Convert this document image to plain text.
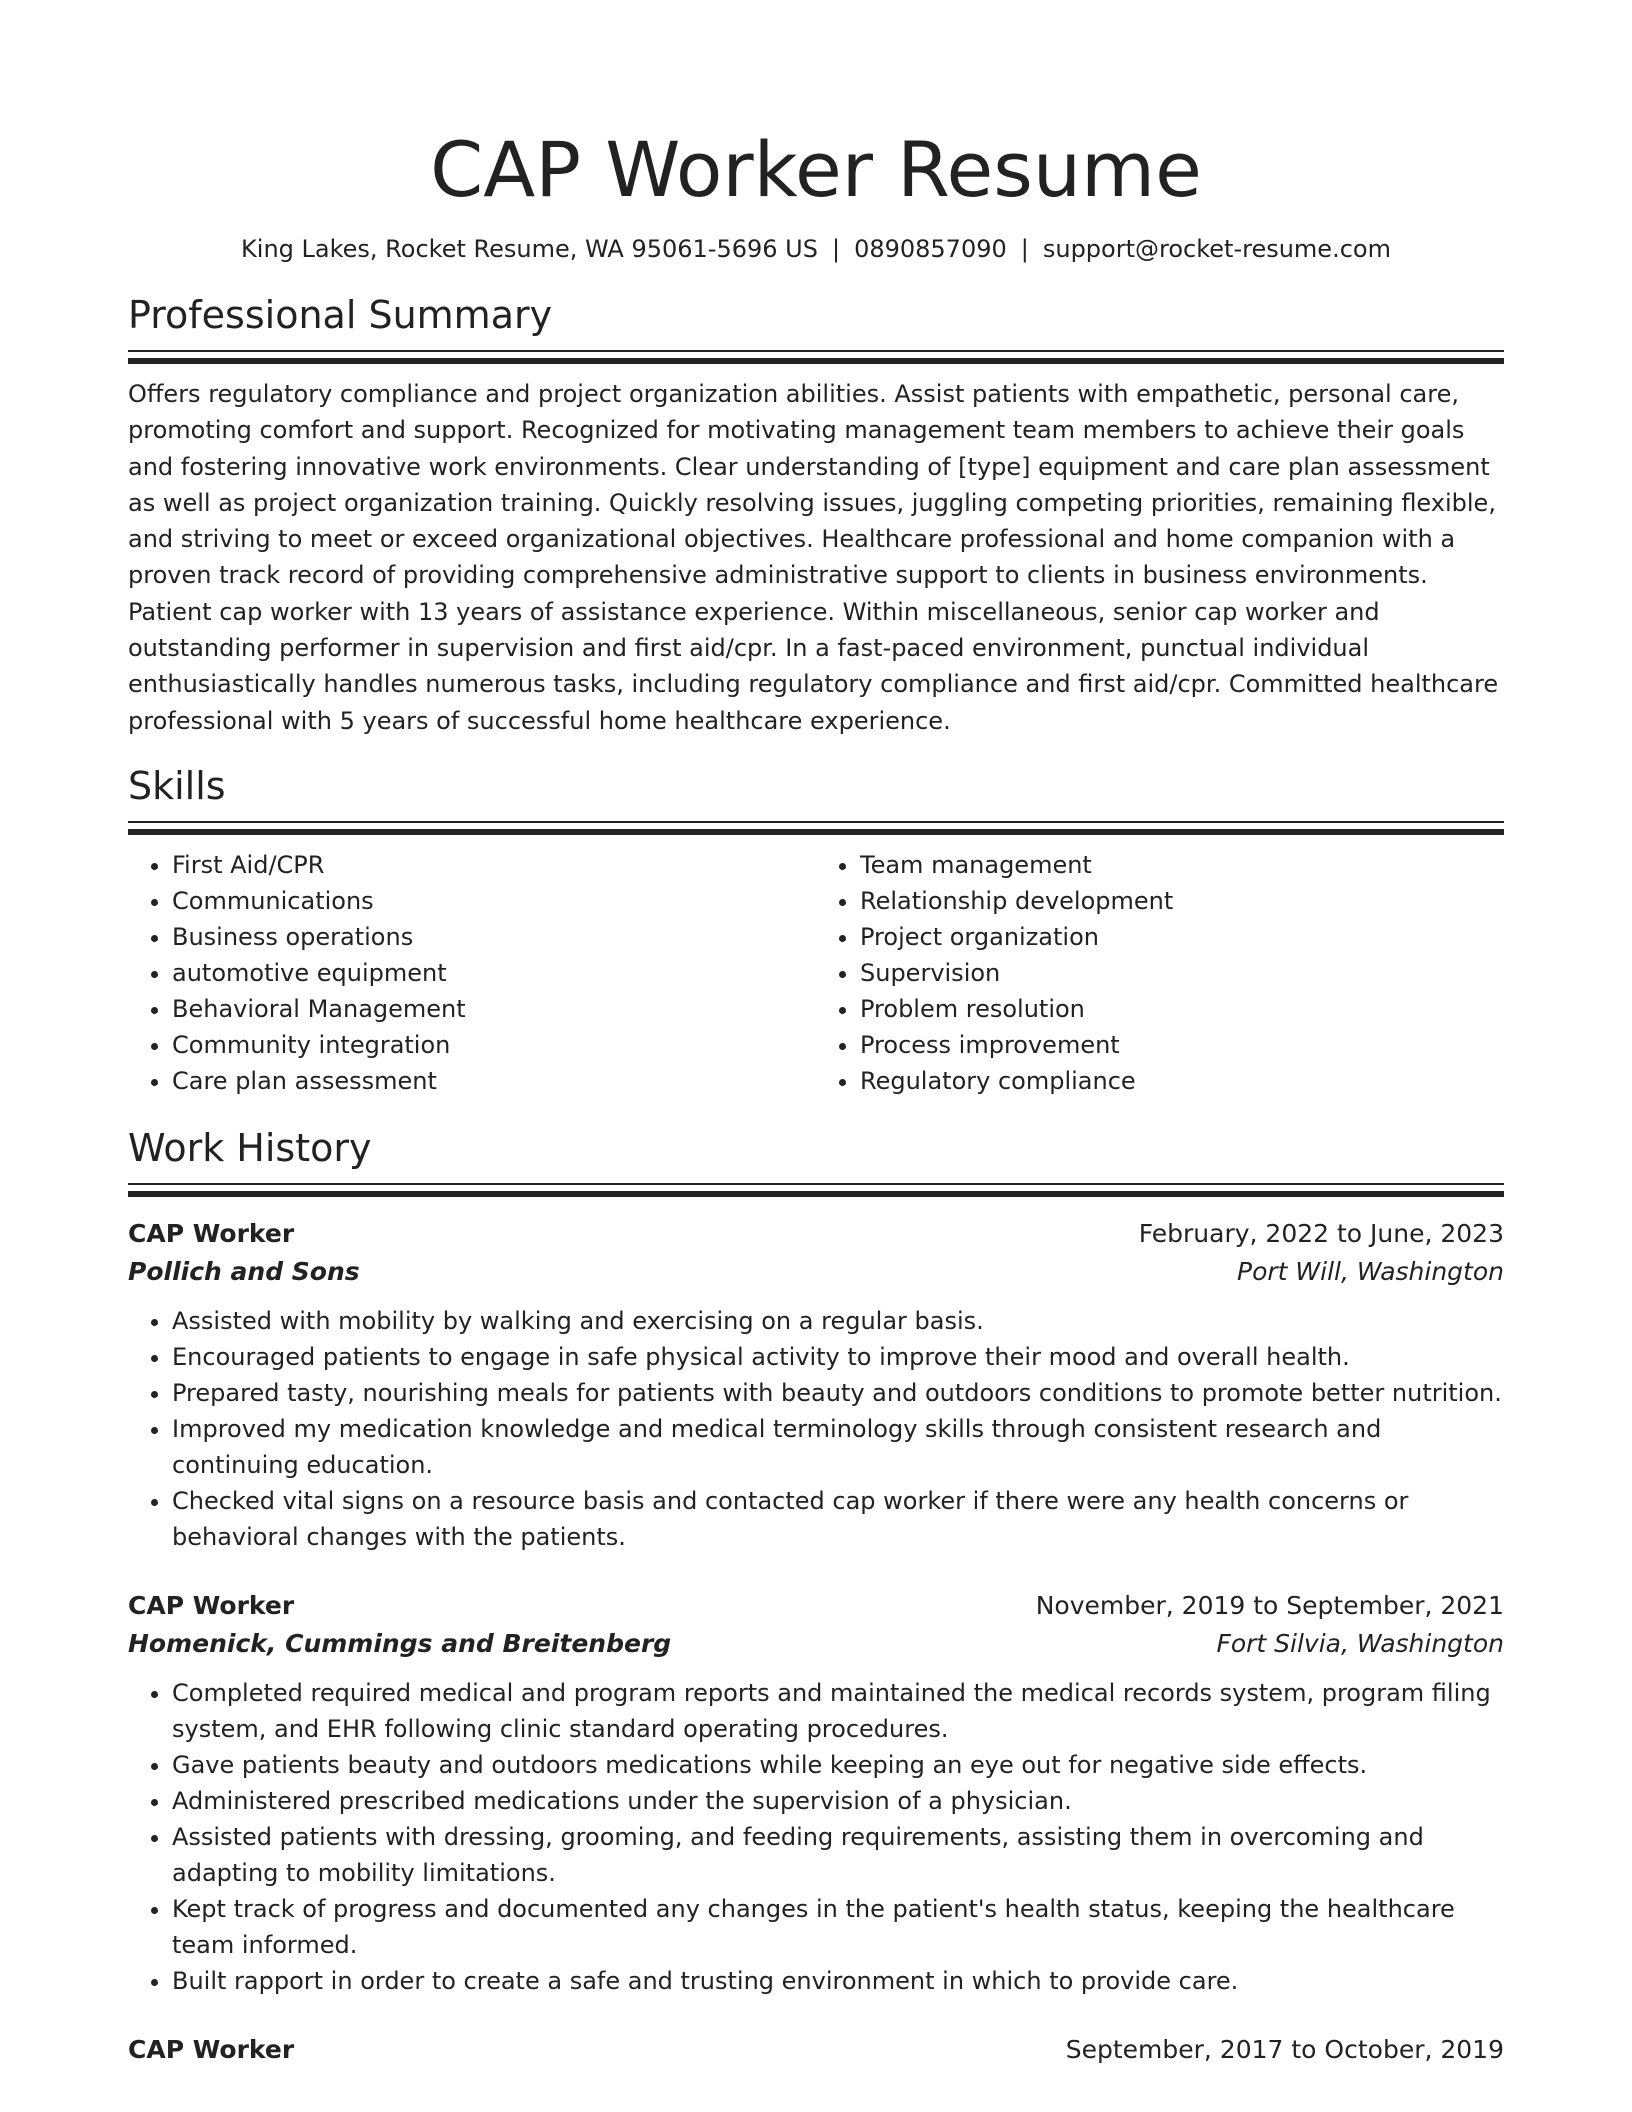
CAP Worker Resume
King Lakes, Rocket Resume, WA 95061-5696 US | 0890857090 | support@rocket-resume.com
Professional Summary

Offers regulatory compliance and project organization abilities. Assist patients with empathetic, personal care, promoting comfort and support. Recognized for motivating management team members to achieve their goals and fostering innovative work environments. Clear understanding of [type] equipment and care plan assessment as well as project organization training. Quickly resolving issues, juggling competing priorities, remaining flexible, and striving to meet or exceed organizational objectives. Healthcare professional and home companion with a proven track record of providing comprehensive administrative support to clients in business environments. Patient cap worker with 13 years of assistance experience. Within miscellaneous, senior cap worker and outstanding performer in supervision and first aid/cpr. In a fast-paced environment, punctual individual enthusiastically handles numerous tasks, including regulatory compliance and first aid/cpr. Committed healthcare professional with 5 years of successful home healthcare experience.

Skills
• First Aid/CPR
• Communications
• Business operations
• automotive equipment
• Behavioral Management
• Community integration
• Care plan assessment
• Team management
• Relationship development
• Project organization
• Supervision
• Problem resolution
• Process improvement
• Regulatory compliance
Work History
CAP Worker	February, 2022 to June, 2023
Pollich and Sons	Port Will, Washington
• Assisted with mobility by walking and exercising on a regular basis.
• Encouraged patients to engage in safe physical activity to improve their mood and overall health.
• Prepared tasty, nourishing meals for patients with beauty and outdoors conditions to promote better nutrition.
• Improved my medication knowledge and medical terminology skills through consistent research and continuing education.
• Checked vital signs on a resource basis and contacted cap worker if there were any health concerns or behavioral changes with the patients.
CAP Worker	November, 2019 to September, 2021
Homenick, Cummings and Breitenberg	Fort Silvia, Washington
• Completed required medical and program reports and maintained the medical records system, program filing system, and EHR following clinic standard operating procedures.
• Gave patients beauty and outdoors medications while keeping an eye out for negative side effects.
• Administered prescribed medications under the supervision of a physician.
• Assisted patients with dressing, grooming, and feeding requirements, assisting them in overcoming and adapting to mobility limitations.
• Kept track of progress and documented any changes in the patient's health status, keeping the healthcare team informed.
• Built rapport in order to create a safe and trusting environment in which to provide care.
CAP Worker	September, 2017 to October, 2019
